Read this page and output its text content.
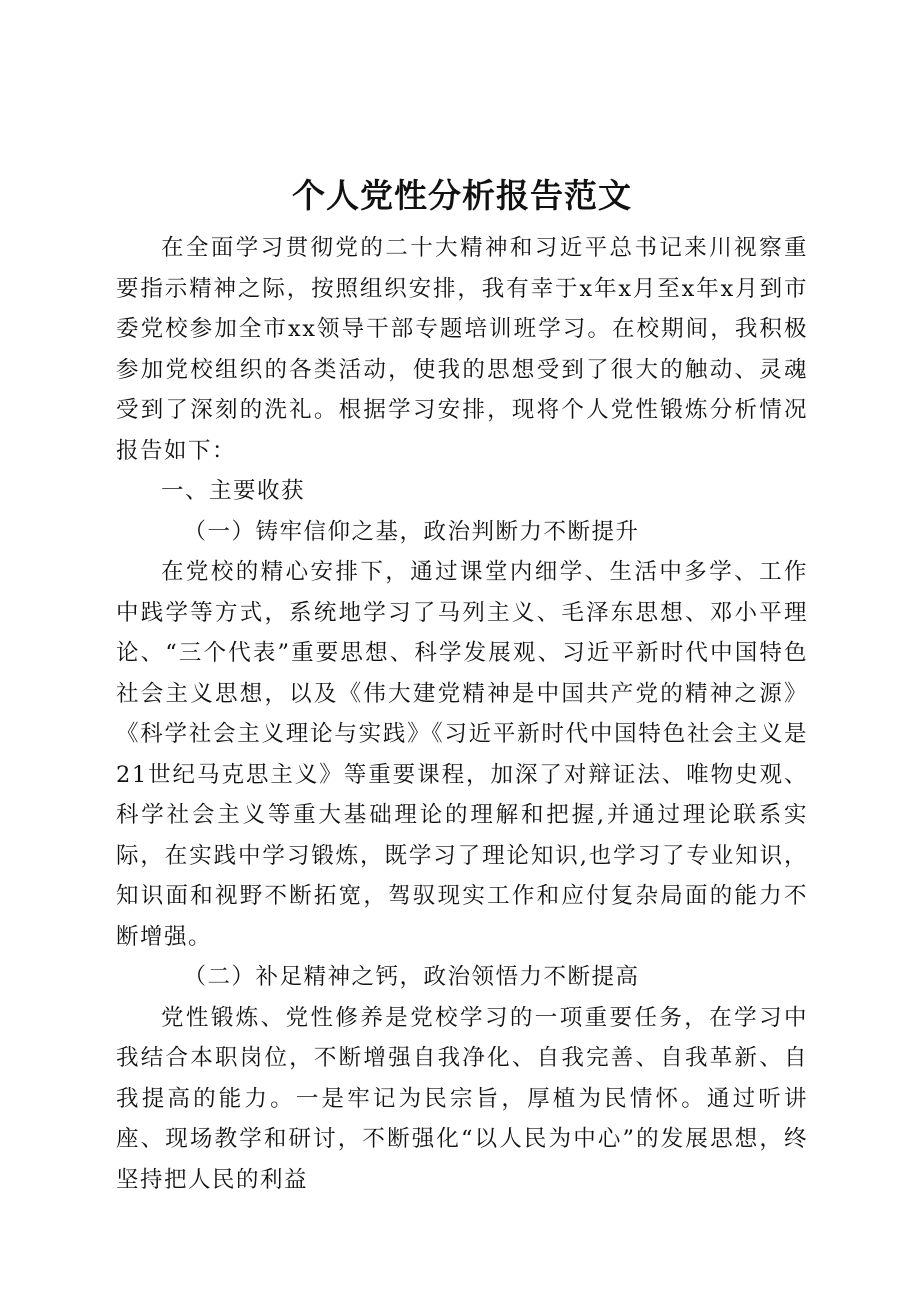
个人党性分析报告范文

在全面学习贯彻党的二十大精神和习近平总书记来川视察重要指示精神之际，按照组织安排，我有幸于x年x月至x年x月到市委党校参加全市xx领导干部专题培训班学习。在校期间，我积极参加党校组织的各类活动，使我的思想受到了很大的触动、灵魂受到了深刻的洗礼。根据学习安排，现将个人党性锻炼分析情况报告如下：

一、主要收获

（一）铸牢信仰之基，政治判断力不断提升

在党校的精心安排下，通过课堂内细学、生活中多学、工作中践学等方式，系统地学习了马列主义、毛泽东思想、邓小平理论、“三个代表”重要思想、科学发展观、习近平新时代中国特色社会主义思想，以及《伟大建党精神是中国共产党的精神之源》《科学社会主义理论与实践》《习近平新时代中国特色社会主义是21世纪马克思主义》等重要课程，加深了对辩证法、唯物史观、科学社会主义等重大基础理论的理解和把握,并通过理论联系实际，在实践中学习锻炼，既学习了理论知识,也学习了专业知识，知识面和视野不断拓宽，驾驭现实工作和应付复杂局面的能力不断增强。

（二）补足精神之钙，政治领悟力不断提高

党性锻炼、党性修养是党校学习的一项重要任务，在学习中我结合本职岗位，不断增强自我净化、自我完善、自我革新、自我提高的能力。一是牢记为民宗旨，厚植为民情怀。通过听讲座、现场教学和研讨，不断强化“以人民为中心”的发展思想，终坚持把人民的利益
